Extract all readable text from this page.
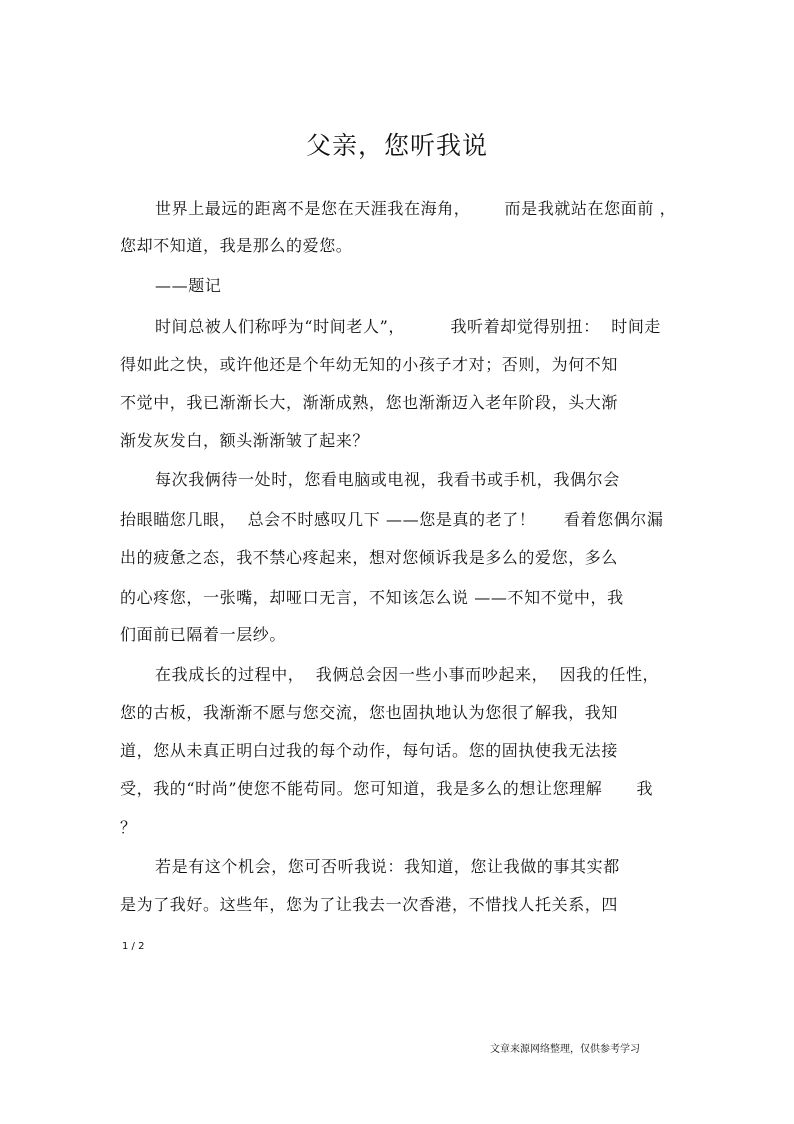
父亲，您听我说
世界上最远的距离不是您在天涯我在海角，      而是我就站在您面前 ，
您却不知道，我是那么的爱您。
——题记
时间总被人们称呼为“时间老人”，        我听着却觉得别扭：  时间走
得如此之快，或许他还是个年幼无知的小孩子才对；否则，为何不知
不觉中，我已渐渐长大，渐渐成熟，您也渐渐迈入老年阶段，头大渐
渐发灰发白，额头渐渐皱了起来？
每次我俩待一处时，您看电脑或电视，我看书或手机，我偶尔会
抬眼瞄您几眼，  总会不时感叹几下 ——您是真的老了！     看着您偶尔漏
出的疲惫之态，我不禁心疼起来，想对您倾诉我是多么的爱您，多么
的心疼您，一张嘴，却哑口无言，不知该怎么说 ——不知不觉中，我
们面前已隔着一层纱。
在我成长的过程中，  我俩总会因一些小事而吵起来，  因我的任性，
您的古板，我渐渐不愿与您交流，您也固执地认为您很了解我，我知
道，您从未真正明白过我的每个动作，每句话。您的固执使我无法接
受，我的“时尚”使您不能苟同。您可知道，我是多么的想让您理解      我
？
若是有这个机会，您可否听我说：我知道，您让我做的事其实都
是为了我好。这些年，您为了让我去一次香港，不惜找人托关系，四
1 / 2
文章来源网络整理，仅供参考学习
